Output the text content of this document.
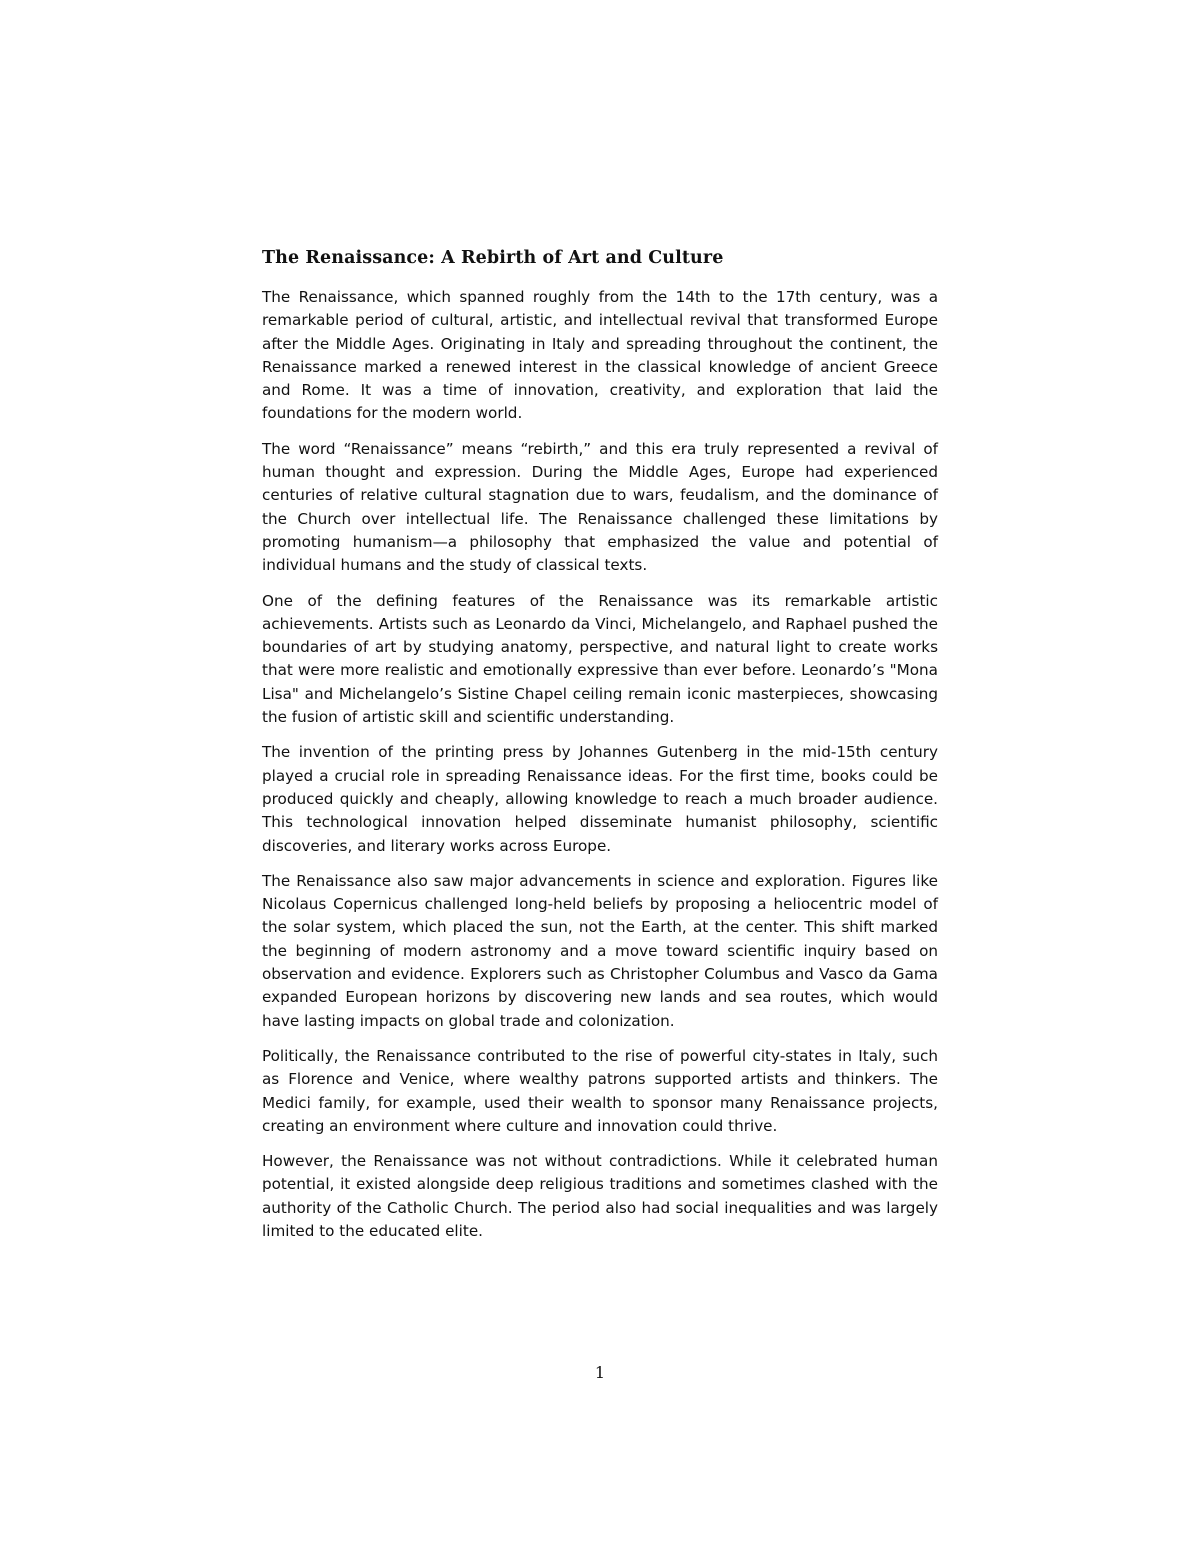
The Renaissance: A Rebirth of Art and Culture

The Renaissance, which spanned roughly from the 14th to the 17th century, was a remarkable period of cultural, artistic, and intellectual revival that transformed Europe after the Middle Ages. Originating in Italy and spreading throughout the continent, the Renaissance marked a renewed interest in the classical knowledge of ancient Greece and Rome. It was a time of innovation, creativity, and exploration that laid the foundations for the modern world.

The word “Renaissance” means “rebirth,” and this era truly represented a revival of human thought and expression. During the Middle Ages, Europe had experienced centuries of relative cultural stagnation due to wars, feudalism, and the dominance of the Church over intellectual life. The Renaissance challenged these limitations by promoting humanism—a philosophy that emphasized the value and potential of individual humans and the study of classical texts.

One of the defining features of the Renaissance was its remarkable artistic achievements. Artists such as Leonardo da Vinci, Michelangelo, and Raphael pushed the boundaries of art by studying anatomy, perspective, and natural light to create works that were more realistic and emotionally expressive than ever before. Leonardo’s "Mona Lisa" and Michelangelo’s Sistine Chapel ceiling remain iconic masterpieces, showcasing the fusion of artistic skill and scientific understanding.

The invention of the printing press by Johannes Gutenberg in the mid-15th century played a crucial role in spreading Renaissance ideas. For the first time, books could be produced quickly and cheaply, allowing knowledge to reach a much broader audience. This technological innovation helped disseminate humanist philosophy, scientific discoveries, and literary works across Europe.

The Renaissance also saw major advancements in science and exploration. Figures like Nicolaus Copernicus challenged long-held beliefs by proposing a heliocentric model of the solar system, which placed the sun, not the Earth, at the center. This shift marked the beginning of modern astronomy and a move toward scientific inquiry based on observation and evidence. Explorers such as Christopher Columbus and Vasco da Gama expanded European horizons by discovering new lands and sea routes, which would have lasting impacts on global trade and colonization.

Politically, the Renaissance contributed to the rise of powerful city-states in Italy, such as Florence and Venice, where wealthy patrons supported artists and thinkers. The Medici family, for example, used their wealth to sponsor many Renaissance projects, creating an environment where culture and innovation could thrive.

However, the Renaissance was not without contradictions. While it celebrated human potential, it existed alongside deep religious traditions and sometimes clashed with the authority of the Catholic Church. The period also had social inequalities and was largely limited to the educated elite.

1
